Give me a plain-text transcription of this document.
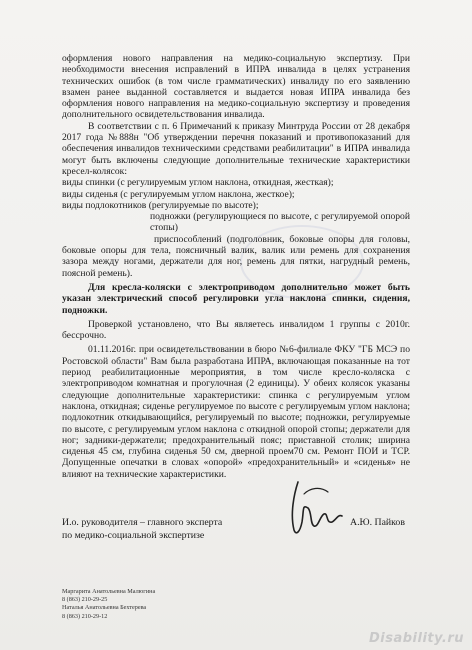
оформления нового направления на медико-социальную экспертизу. При необходимости внесения исправлений в ИПРА инвалида в целях устранения технических ошибок (в том числе грамматических) инвалиду по его заявлению взамен ранее выданной составляется и выдается новая ИПРА инвалида без оформления нового направления на медико-социальную экспертизу и проведения дополнительного освидетельствования инвалида.

В соответствии с п. 6 Примечаний к приказу Минтруда России от 28 декабря 2017 года №888н "Об утверждении перечня показаний и противопоказаний для обеспечения инвалидов техническими средствами реабилитации" в ИПРА инвалида могут быть включены следующие дополнительные технические характеристики кресел-колясок:

виды спинки (с регулируемым углом наклона, откидная, жесткая);

виды сиденья (с регулируемым углом наклона, жесткое);

виды подлокотников (регулируемые по высоте);

подножки (регулирующиеся по высоте, с регулируемой опорой стопы)

приспособлений (подголовник, боковые опоры для головы, боковые опоры для тела, поясничный валик, валик или ремень для сохранения зазора между ногами, держатели для ног, ремень для пятки, нагрудный ремень, поясной ремень).

Для кресла-коляски с электроприводом дополнительно может быть указан электрический способ регулировки угла наклона спинки, сидения, подножки.

Проверкой установлено, что Вы являетесь инвалидом 1 группы с 2010г. бессрочно.

01.11.2016г. при освидетельствовании в бюро №6-филиале ФКУ "ГБ МСЭ по Ростовской области" Вам была разработана ИПРА, включающая показанные на тот период реабилитационные мероприятия, в том числе кресло-коляска с электроприводом комнатная и прогулочная (2 единицы). У обеих колясок указаны следующие дополнительные характеристики: спинка с регулируемым углом наклона, откидная; сиденье регулируемое по высоте с регулируемым углом наклона; подлокотник откидывающийся, регулируемый по высоте; подножки, регулируемые по высоте, с регулируемым углом наклона с откидной опорой стопы; держатели для ног; задники-держатели; предохранительный пояс; приставной столик; ширина сиденья 45 см, глубина сиденья 50 см, дверной проем70 см. Ремонт ПОИ и ТСР. Допущенные опечатки в словах «опорой» «предохранительный» и «сиденья» не влияют на технические характеристики.

И.о. руководителя – главного эксперта
по медико-социальной экспертизе
А.Ю. Пайков
Маргарита Анатольевна Малюгина
8 (863) 210-29-25
Наталья Анатольевна Бехтерева
8 (863) 210-29-12
Disability.ru
